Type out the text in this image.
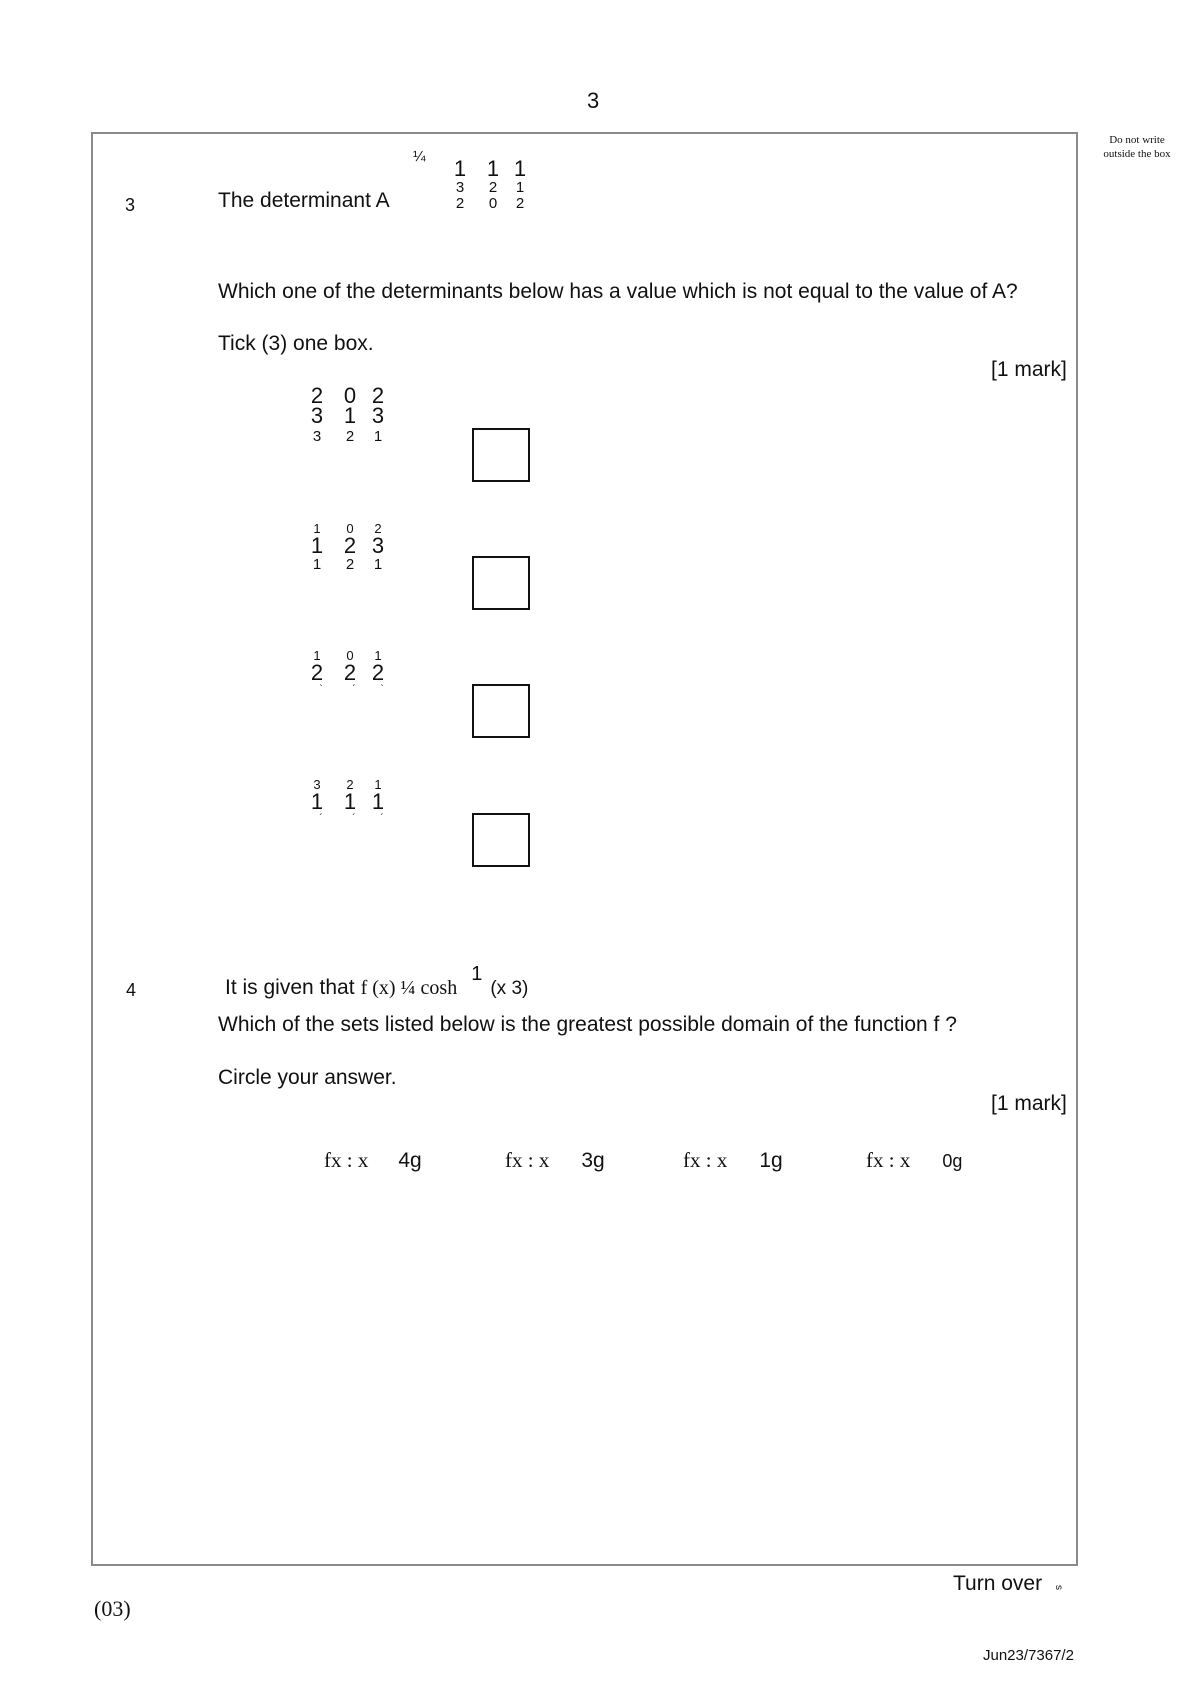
3
Do not write outside the box
3	The determinant A
¼ 1 1 1
3	2	1
2	0	2
Which one of the determinants below has a value which is not equal to the value of A?
Tick (3) one box.
[1 mark]
2 0 2
3 1 3
3	2	1
1	0	2
1 2 3
1	2	1
1	0	1
2 2 2
`	´	`
3	2	1
1 1 1
´	´	´
4	It is given that f (x) ¼ cosh1(x 3)
Which of the sets listed below is the greatest possible domain of the function f ?
Circle your answer.
[1 mark]
fx : x 4g	fx : x 3g	fx : x 1g	fx : x 0g
Turn over s
(03)
Jun23/7367/2
